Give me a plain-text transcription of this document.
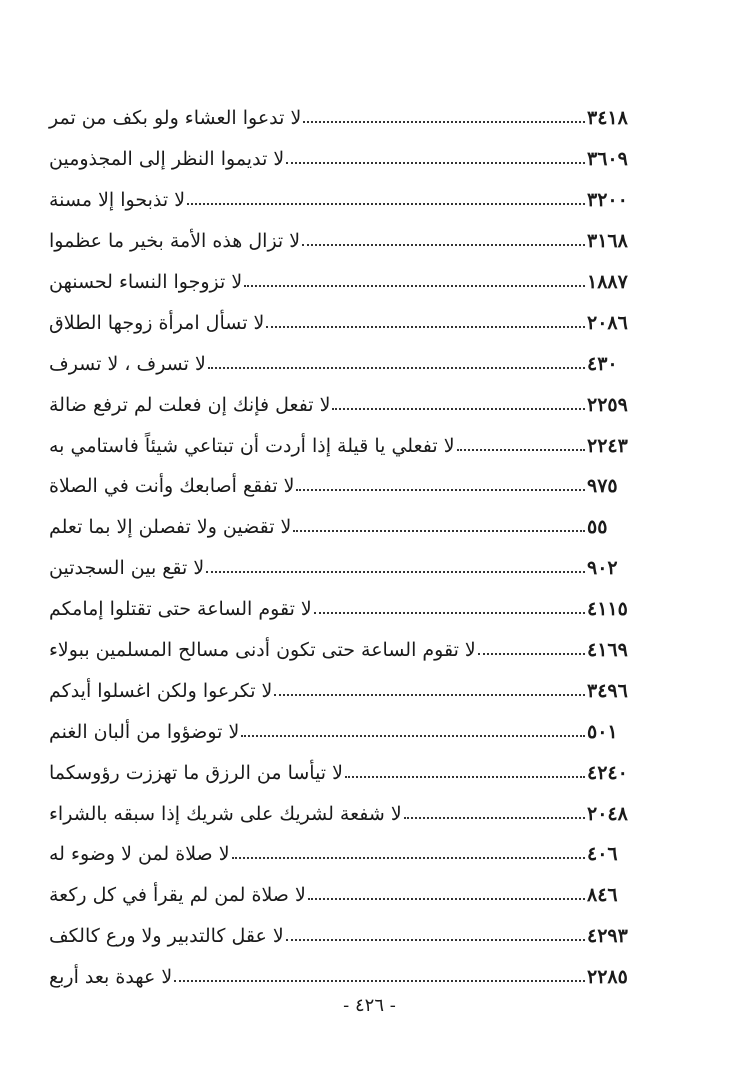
لا تدعوا العشاء ولو بكف من تمر	٣٤١٨
لا تديموا النظر إلى المجذومين	٣٦٠٩
لا تذبحوا إلا مسنة	٣٢٠٠
لا تزال هذه الأمة بخير ما عظموا	٣١٦٨
لا تزوجوا النساء لحسنهن	١٨٨٧
لا تسأل امرأة زوجها الطلاق	٢٠٨٦
لا تسرف ، لا تسرف	٤٣٠
لا تفعل فإنك إن فعلت لم ترفع ضالة	٢٢٥٩
لا تفعلي يا قيلة إذا أردت أن تبتاعي شيئاً فاستامي به	٢٢٤٣
لا تفقع أصابعك وأنت في الصلاة	٩٧٥
لا تقضين ولا تفصلن إلا بما تعلم	٥٥
لا تقع بين السجدتين	٩٠٢
لا تقوم الساعة حتى تقتلوا إمامكم	٤١١٥
لا تقوم الساعة حتى تكون أدنى مسالح المسلمين ببولاء	٤١٦٩
لا تكرعوا ولكن اغسلوا أيدكم	٣٤٩٦
لا توضؤوا من ألبان الغنم	٥٠١
لا تيأسا من الرزق ما تهززت رؤوسكما	٤٢٤٠
لا شفعة لشريك على شريك إذا سبقه بالشراء	٢٠٤٨
لا صلاة لمن لا وضوء له	٤٠٦
لا صلاة لمن لم يقرأ في كل ركعة	٨٤٦
لا عقل كالتدبير ولا ورع كالكف	٤٢٩٣
لا عهدة بعد أربع	٢٢٨٥
- ٤٢٦ -
